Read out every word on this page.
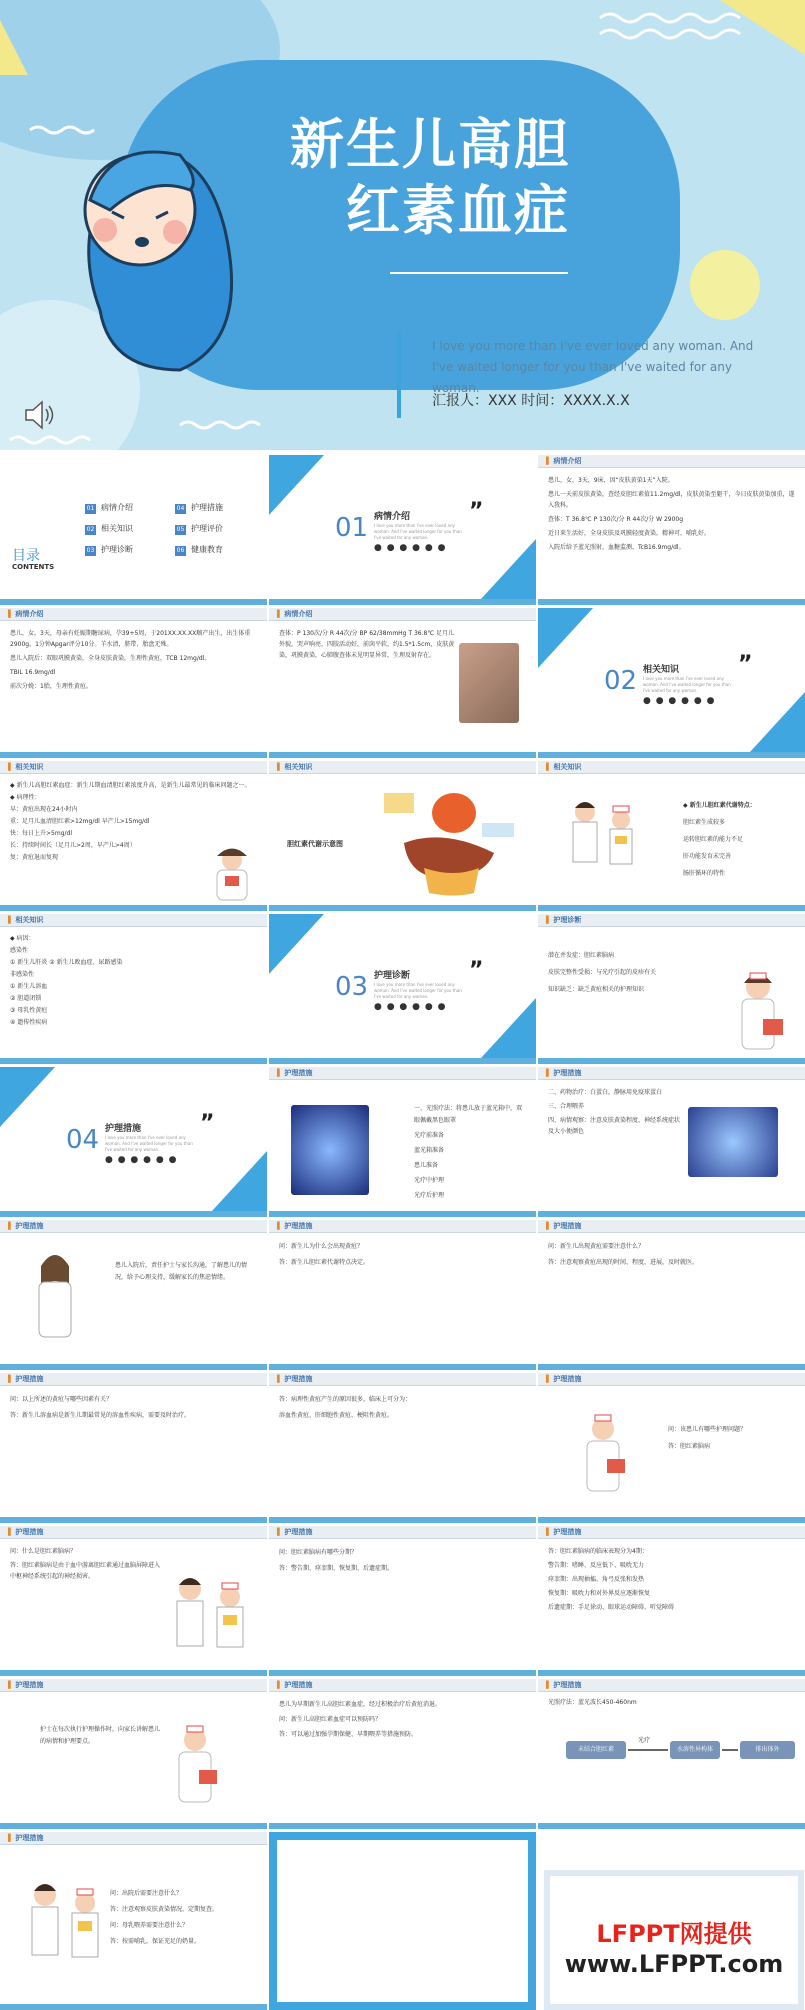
新生儿高胆红素血症
I love you more than I've ever loved any woman. And I've waited longer for you than I've waited for any woman.
汇报人：XXX 时间：XXXX.X.X
目录
CONTENTS
01 病情介绍
02 相关知识
03 护理诊断
04 护理措施
05 护理评价
06 健康教育
01 病情介绍
I love you more than I've ever loved any woman. And I've waited longer for you than I've waited for any woman.
● ● ● ● ● ●
”
▌ 病情介绍

患儿，女，3天，9床，因“皮肤黄染1天”入院。

患儿一天前皮肤黄染，查经皮胆红素值11.2mg/dl，皮肤黄染至躯干，今日皮肤黄染加重，遂入我科。

查体：T 36.8℃ P 130次/分 R 44次/分 W 2900g

近日来生活好，全身皮肤及巩膜轻度黄染，精神可，哺乳好。

入院后给予蓝光照射，血糖监测，TcB16.9mg/dl。

▌ 病情介绍

患儿，女，3天，母亲有妊娠期糖尿病，孕39+5周，于201XX.XX.XX顺产出生，出生体重2900g，1分钟Apgar评分10分。羊水清，脐带、胎盘无殊。

患儿入院后：双眼巩膜黄染，全身皮肤黄染，生理性黄疸，TCB 12mg/dl。

TBIL 16.9mg/dl

前次分娩：1胎，生理性黄疸。

▌ 病情介绍

查体：P 130次/分 R 44次/分 BP 62/38mmHg T 36.8℃ 足月儿外貌，哭声响亮，四肢活动好，前囟平软，约1.5*1.5cm，皮肤黄染，巩膜黄染，心肺腹查体未见明显异常，生理反射存在。

02 相关知识
I love you more than I've ever loved any woman. And I've waited longer for you than I've waited for any woman.
● ● ● ● ● ●
”
▌ 相关知识

◆ 新生儿高胆红素血症：新生儿期血清胆红素浓度升高，是新生儿最常见的临床问题之一。

◆ 病理性：

早：黄疸出现在24小时内

重：足月儿血清胆红素>12mg/dl 早产儿>15mg/dl

快：每日上升>5mg/dl

长：持续时间长（足月儿>2周，早产儿>4周）

复：黄疸退而复现

▌ 相关知识
胆红素代谢示意图
▌ 相关知识

◆ 新生儿胆红素代谢特点：

胆红素生成较多

运转胆红素的能力不足

肝功能发育未完善

肠肝循环的特性

▌ 相关知识

◆ 病因：

感染性

① 新生儿肝炎 ② 新生儿败血症、尿路感染

非感染性

① 新生儿溶血

② 胆道闭锁

③ 母乳性黄疸

④ 遗传性疾病

03 护理诊断
I love you more than I've ever loved any woman. And I've waited longer for you than I've waited for any woman.
● ● ● ● ● ●
”
▌ 护理诊断

潜在并发症：胆红素脑病

皮肤完整性受损：与光疗引起的皮疹有关

知识缺乏：缺乏黄疸相关的护理知识

04 护理措施
I love you more than I've ever loved any woman. And I've waited longer for you than I've waited for any woman.
● ● ● ● ● ●
”
▌ 护理措施

一、光照疗法：将患儿放于蓝光箱中，双眼佩戴黑色眼罩

光疗前准备

蓝光箱准备

患儿准备

光疗中护理

光疗后护理

▌ 护理措施

二、药物治疗：白蛋白，静脉用免疫球蛋白

三、合理喂养

四、病情观察：注意皮肤黄染程度、神经系统症状及大小便颜色

▌ 护理措施

患儿入院后，责任护士与家长沟通，了解患儿的情况，给予心理支持，缓解家长的焦虑情绪。

▌ 护理措施

问：新生儿为什么会出现黄疸？

答：新生儿胆红素代谢特点决定。

▌ 护理措施

问：新生儿出现黄疸需要注意什么？

答：注意观察黄疸出现的时间、程度、进展，及时就医。

▌ 护理措施

问：以上所述的黄疸与哪些因素有关？

答：新生儿溶血病是新生儿期最常见的溶血性疾病，需要及时治疗。

▌ 护理措施

答：病理性黄疸产生的原因很多，临床上可分为：

溶血性黄疸、肝细胞性黄疸、梗阻性黄疸。

▌ 护理措施

问：该患儿有哪些护理问题？

答：胆红素脑病

▌ 护理措施

问：什么是胆红素脑病？

答：胆红素脑病是由于血中游离胆红素通过血脑屏障进入中枢神经系统引起的神经损害。

▌ 护理措施

问：胆红素脑病有哪些分期？

答：警告期、痉挛期、恢复期、后遗症期。

▌ 护理措施

答：胆红素脑病的临床表现分为4期：

警告期：嗜睡、反应低下、吸吮无力

痉挛期：出现抽搐、角弓反张和发热

恢复期：吸吮力和对外界反应逐渐恢复

后遗症期：手足徐动、眼球运动障碍、听觉障碍

▌ 护理措施

护士在每次执行护理操作时，向家长讲解患儿的病情和护理要点。

▌ 护理措施

患儿为早期新生儿高胆红素血症，经过积极治疗后黄疸消退。

问：新生儿高胆红素血症可以预防吗？

答：可以通过加强孕期保健、早期喂养等措施预防。

▌ 护理措施

光照疗法：蓝光波长450-460nm

未结合胆红素
光疗
水溶性异构体	排出体外
▌ 护理措施

问：出院后需要注意什么？

答：注意观察皮肤黄染情况，定期复查。

问：母乳喂养需要注意什么？

答：按需哺乳，保证充足的奶量。	LFPPT网提供
www.LFPPT.com
